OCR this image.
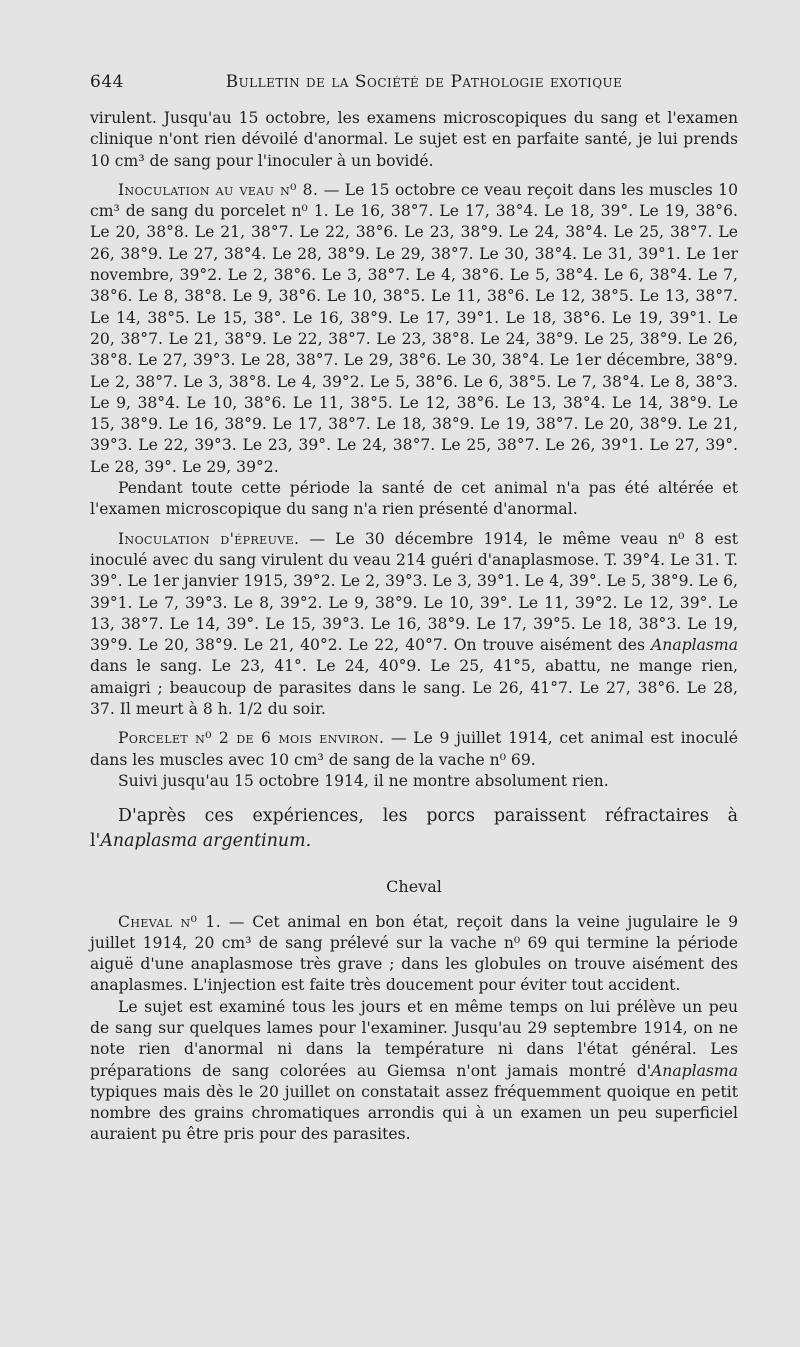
644	Bulletin de la Société de Pathologie exotique

virulent. Jusqu'au 15 octobre, les examens microscopiques du sang et l'examen clinique n'ont rien dévoilé d'anormal. Le sujet est en parfaite santé, je lui prends 10 cm³ de sang pour l'inoculer à un bovidé.

Inoculation au veau n⁰ 8. — Le 15 octobre ce veau reçoit dans les muscles 10 cm³ de sang du porcelet n⁰ 1. Le 16, 38°7. Le 17, 38°4. Le 18, 39°. Le 19, 38°6. Le 20, 38°8. Le 21, 38°7. Le 22, 38°6. Le 23, 38°9. Le 24, 38°4. Le 25, 38°7. Le 26, 38°9. Le 27, 38°4. Le 28, 38°9. Le 29, 38°7. Le 30, 38°4. Le 31, 39°1. Le 1er novembre, 39°2. Le 2, 38°6. Le 3, 38°7. Le 4, 38°6. Le 5, 38°4. Le 6, 38°4. Le 7, 38°6. Le 8, 38°8. Le 9, 38°6. Le 10, 38°5. Le 11, 38°6. Le 12, 38°5. Le 13, 38°7. Le 14, 38°5. Le 15, 38°. Le 16, 38°9. Le 17, 39°1. Le 18, 38°6. Le 19, 39°1. Le 20, 38°7. Le 21, 38°9. Le 22, 38°7. Le 23, 38°8. Le 24, 38°9. Le 25, 38°9. Le 26, 38°8. Le 27, 39°3. Le 28, 38°7. Le 29, 38°6. Le 30, 38°4. Le 1er décembre, 38°9. Le 2, 38°7. Le 3, 38°8. Le 4, 39°2. Le 5, 38°6. Le 6, 38°5. Le 7, 38°4. Le 8, 38°3. Le 9, 38°4. Le 10, 38°6. Le 11, 38°5. Le 12, 38°6. Le 13, 38°4. Le 14, 38°9. Le 15, 38°9. Le 16, 38°9. Le 17, 38°7. Le 18, 38°9. Le 19, 38°7. Le 20, 38°9. Le 21, 39°3. Le 22, 39°3. Le 23, 39°. Le 24, 38°7. Le 25, 38°7. Le 26, 39°1. Le 27, 39°. Le 28, 39°. Le 29, 39°2.

Pendant toute cette période la santé de cet animal n'a pas été altérée et l'examen microscopique du sang n'a rien présenté d'anormal.

Inoculation d'épreuve. — Le 30 décembre 1914, le même veau n⁰ 8 est inoculé avec du sang virulent du veau 214 guéri d'anaplasmose. T. 39°4. Le 31. T. 39°. Le 1er janvier 1915, 39°2. Le 2, 39°3. Le 3, 39°1. Le 4, 39°. Le 5, 38°9. Le 6, 39°1. Le 7, 39°3. Le 8, 39°2. Le 9, 38°9. Le 10, 39°. Le 11, 39°2. Le 12, 39°. Le 13, 38°7. Le 14, 39°. Le 15, 39°3. Le 16, 38°9. Le 17, 39°5. Le 18, 38°3. Le 19, 39°9. Le 20, 38°9. Le 21, 40°2. Le 22, 40°7. On trouve aisément des Anaplasma dans le sang. Le 23, 41°. Le 24, 40°9. Le 25, 41°5, abattu, ne mange rien, amaigri ; beaucoup de parasites dans le sang. Le 26, 41°7. Le 27, 38°6. Le 28, 37. Il meurt à 8 h. 1/2 du soir.

Porcelet n⁰ 2 de 6 mois environ. — Le 9 juillet 1914, cet animal est inoculé dans les muscles avec 10 cm³ de sang de la vache n⁰ 69.

Suivi jusqu'au 15 octobre 1914, il ne montre absolument rien.

D'après ces expériences, les porcs paraissent réfractaires à l'Anaplasma argentinum.

Cheval

Cheval n⁰ 1. — Cet animal en bon état, reçoit dans la veine jugulaire le 9 juillet 1914, 20 cm³ de sang prélevé sur la vache n⁰ 69 qui termine la période aiguë d'une anaplasmose très grave ; dans les globules on trouve aisément des anaplasmes. L'injection est faite très doucement pour éviter tout accident.

Le sujet est examiné tous les jours et en même temps on lui prélève un peu de sang sur quelques lames pour l'examiner. Jusqu'au 29 septembre 1914, on ne note rien d'anormal ni dans la température ni dans l'état général. Les préparations de sang colorées au Giemsa n'ont jamais montré d'Anaplasma typiques mais dès le 20 juillet on constatait assez fréquemment quoique en petit nombre des grains chromatiques arrondis qui à un examen un peu superficiel auraient pu être pris pour des parasites.
